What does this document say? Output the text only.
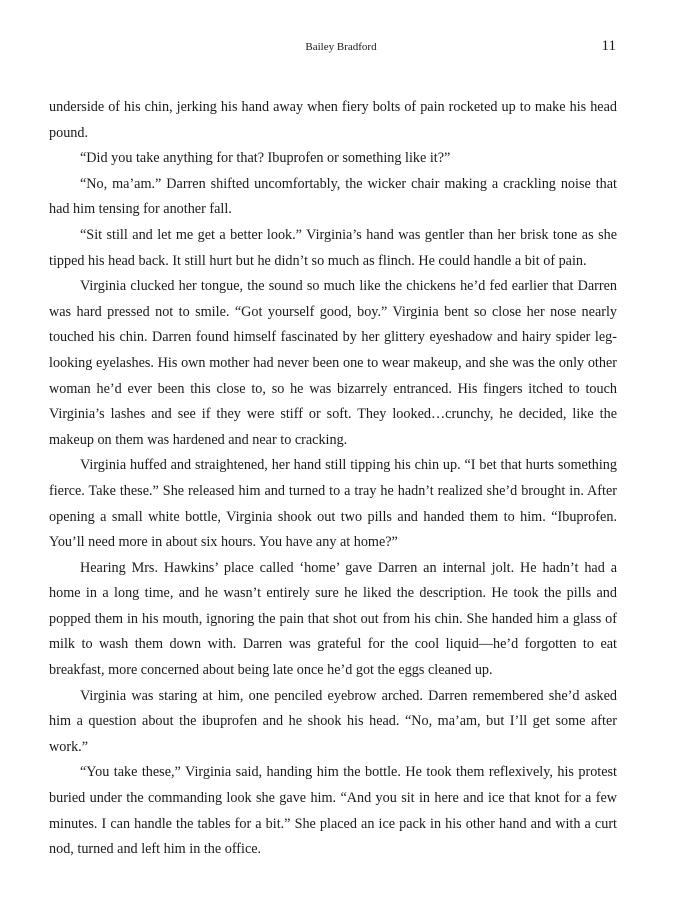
Bailey Bradford	11

underside of his chin, jerking his hand away when fiery bolts of pain rocketed up to make his head pound.

“Did you take anything for that? Ibuprofen or something like it?”

“No, ma’am.” Darren shifted uncomfortably, the wicker chair making a crackling noise that had him tensing for another fall.

“Sit still and let me get a better look.” Virginia’s hand was gentler than her brisk tone as she tipped his head back. It still hurt but he didn’t so much as flinch. He could handle a bit of pain.

Virginia clucked her tongue, the sound so much like the chickens he’d fed earlier that Darren was hard pressed not to smile. “Got yourself good, boy.” Virginia bent so close her nose nearly touched his chin. Darren found himself fascinated by her glittery eyeshadow and hairy spider leg-looking eyelashes. His own mother had never been one to wear makeup, and she was the only other woman he’d ever been this close to, so he was bizarrely entranced. His fingers itched to touch Virginia’s lashes and see if they were stiff or soft. They looked…crunchy, he decided, like the makeup on them was hardened and near to cracking.

Virginia huffed and straightened, her hand still tipping his chin up. “I bet that hurts something fierce. Take these.” She released him and turned to a tray he hadn’t realized she’d brought in. After opening a small white bottle, Virginia shook out two pills and handed them to him. “Ibuprofen. You’ll need more in about six hours. You have any at home?”

Hearing Mrs. Hawkins’ place called ‘home’ gave Darren an internal jolt. He hadn’t had a home in a long time, and he wasn’t entirely sure he liked the description. He took the pills and popped them in his mouth, ignoring the pain that shot out from his chin. She handed him a glass of milk to wash them down with. Darren was grateful for the cool liquid—he’d forgotten to eat breakfast, more concerned about being late once he’d got the eggs cleaned up.

Virginia was staring at him, one penciled eyebrow arched. Darren remembered she’d asked him a question about the ibuprofen and he shook his head. “No, ma’am, but I’ll get some after work.”

“You take these,” Virginia said, handing him the bottle. He took them reflexively, his protest buried under the commanding look she gave him. “And you sit in here and ice that knot for a few minutes. I can handle the tables for a bit.” She placed an ice pack in his other hand and with a curt nod, turned and left him in the office.
